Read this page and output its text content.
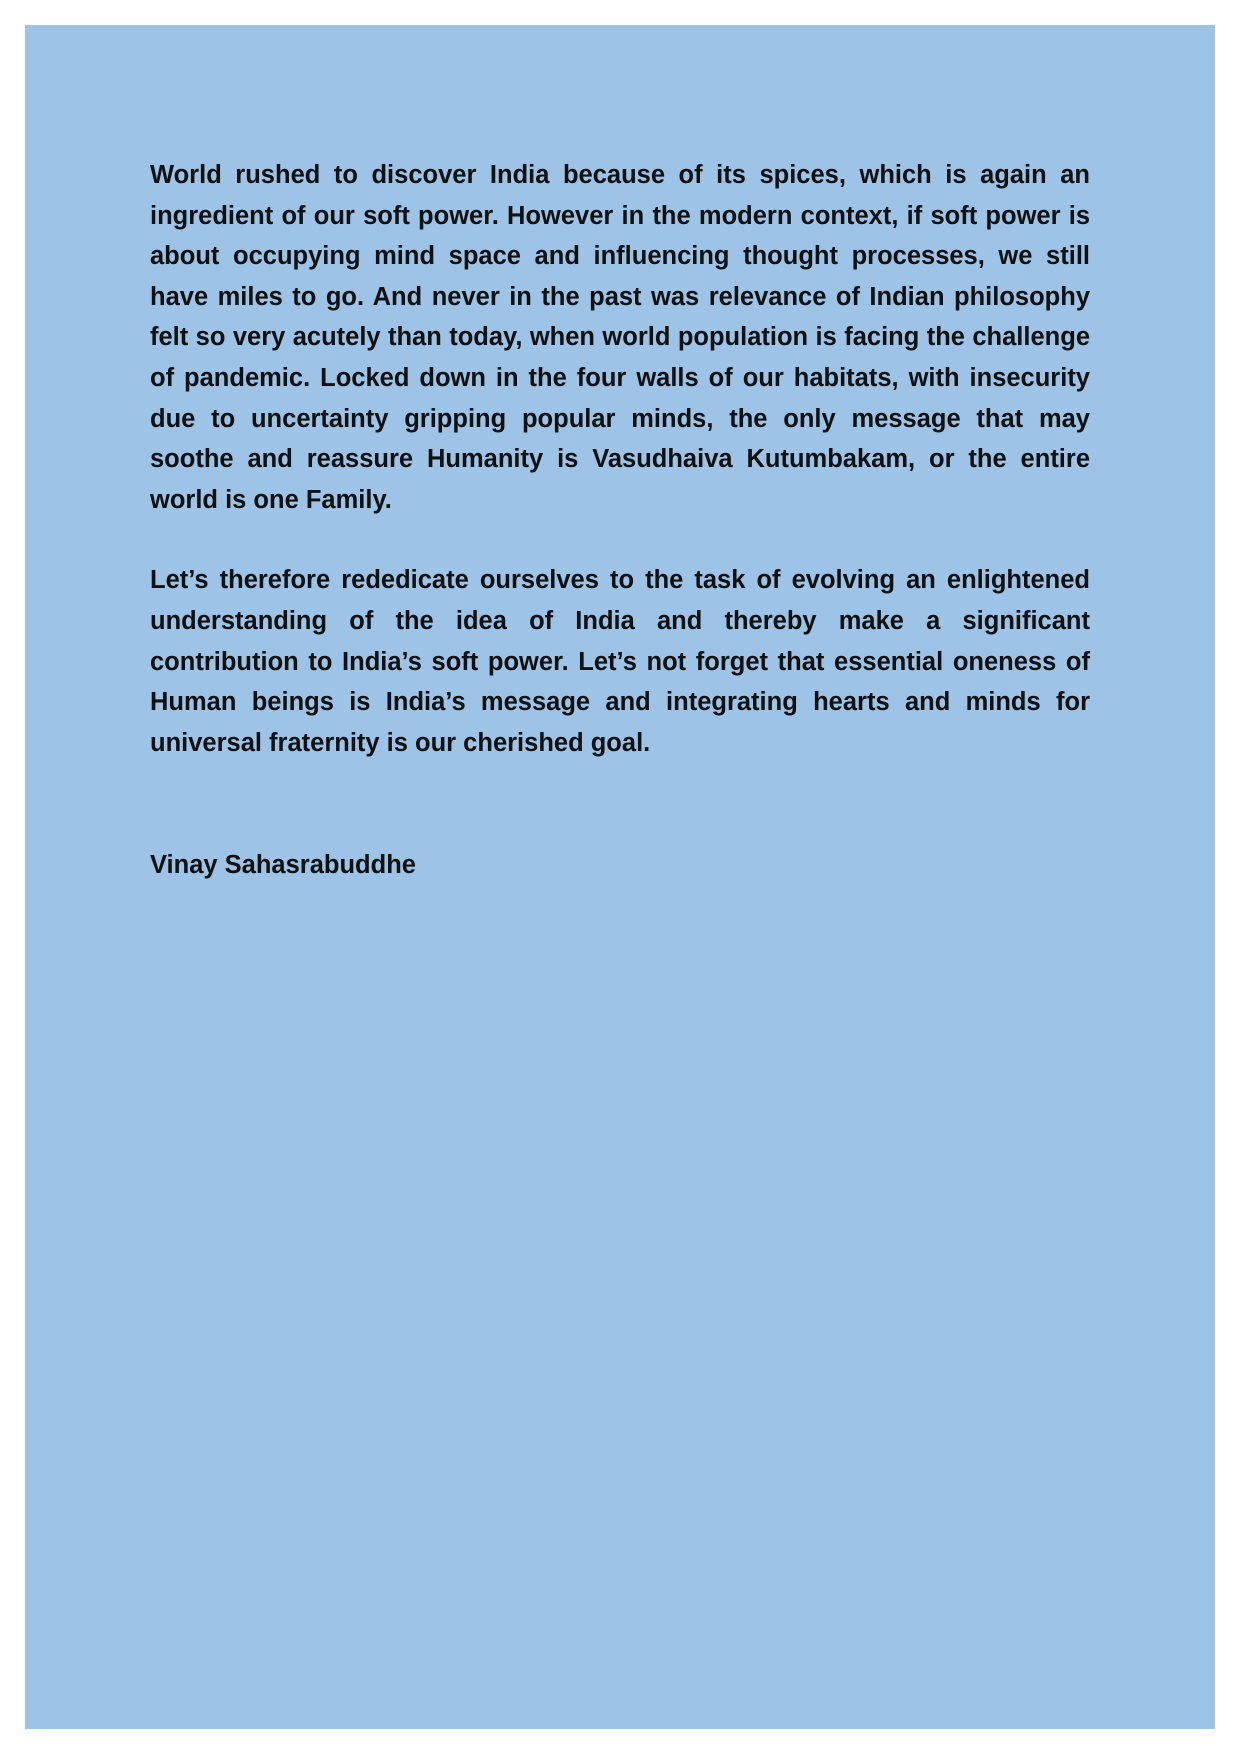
World rushed to discover India because of its spices, which is again an ingredient of our soft power. However in the modern context, if soft power is about occupying mind space and influencing thought processes, we still have miles to go. And never in the past was relevance of Indian philosophy felt so very acutely than today, when world population is facing the challenge of pandemic. Locked down in the four walls of our habitats, with insecurity due to uncertainty gripping popular minds, the only message that may soothe and reassure Humanity is Vasudhaiva Kutumbakam, or the entire world is one Family.

Let’s therefore rededicate ourselves to the task of evolving an enlightened understanding of the idea of India and thereby make a significant contribution to India’s soft power. Let’s not forget that essential oneness of Human beings is India’s message and integrating hearts and minds for universal fraternity is our cherished goal.

Vinay Sahasrabuddhe
